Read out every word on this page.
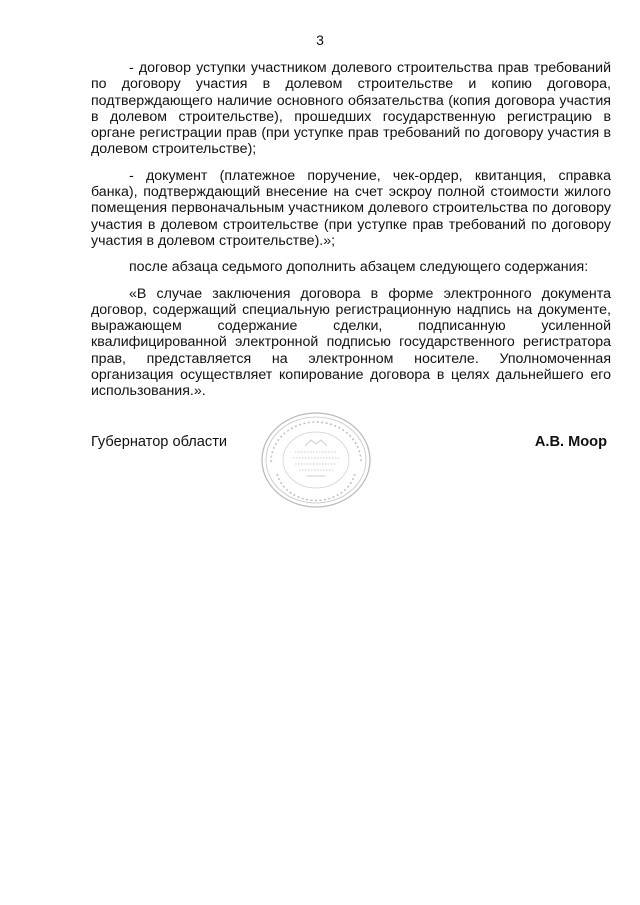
3

- договор уступки участником долевого строительства прав требований по договору участия в долевом строительстве и копию договора, подтверждающего наличие основного обязательства (копия договора участия в долевом строительстве), прошедших государственную регистрацию в органе регистрации прав (при уступке прав требований по договору участия в долевом строительстве);

- документ (платежное поручение, чек-ордер, квитанция, справка банка), подтверждающий внесение на счет эскроу полной стоимости жилого помещения первоначальным участником долевого строительства по договору участия в долевом строительстве (при уступке прав требований по договору участия в долевом строительстве).»;

после абзаца седьмого дополнить абзацем следующего содержания:

«В случае заключения договора в форме электронного документа договор, содержащий специальную регистрационную надпись на документе, выражающем содержание сделки, подписанную усиленной квалифицированной электронной подписью государственного регистратора прав, представляется на электронном носителе. Уполномоченная организация осуществляет копирование договора в целях дальнейшего его использования.».

Губернатор области	А.В. Моор
